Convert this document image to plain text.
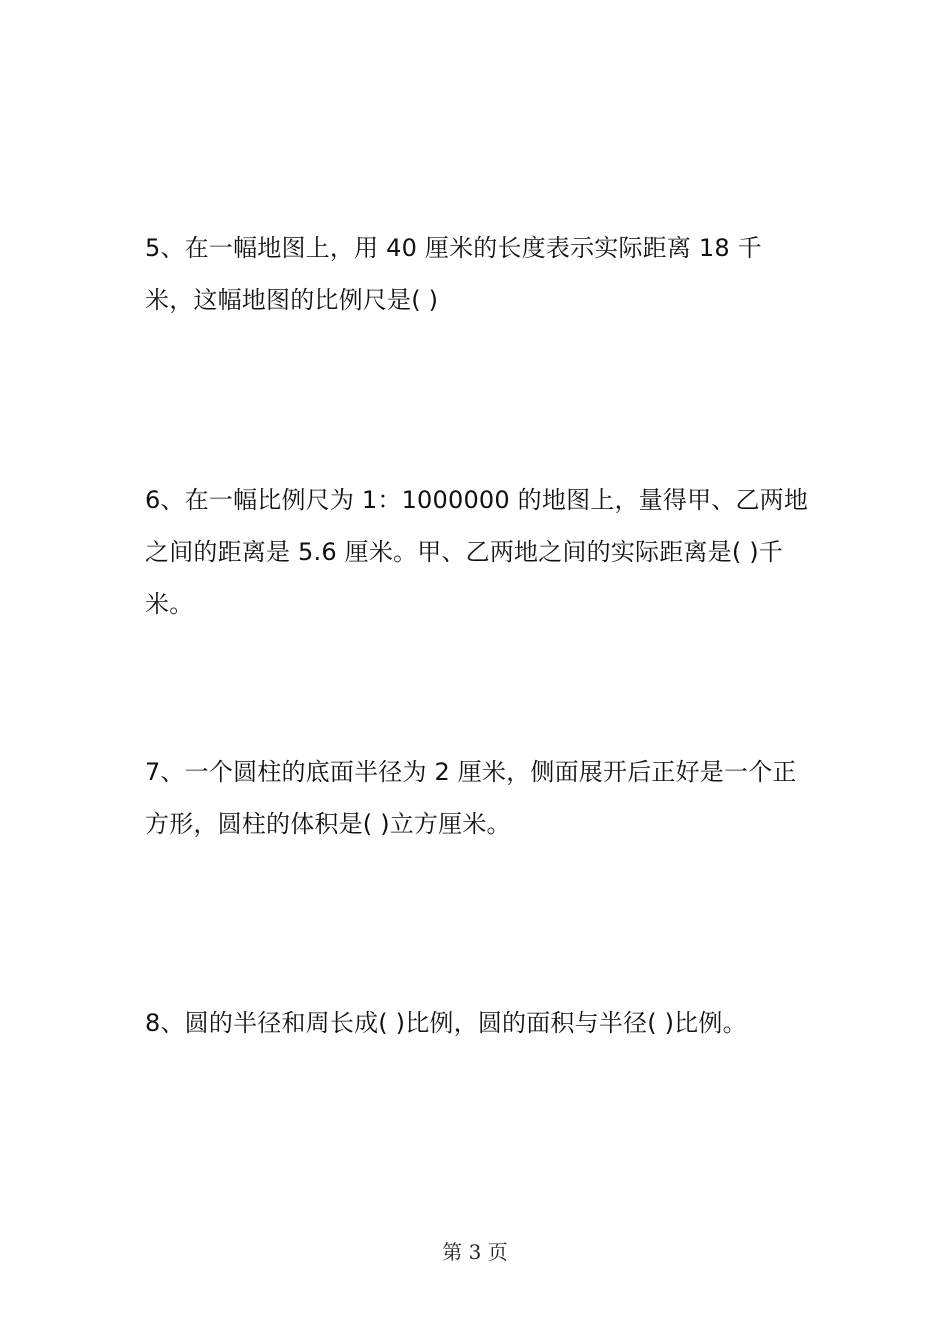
5、在一幅地图上，用 40 厘米的长度表示实际距离 18 千米，这幅地图的比例尺是( )
6、在一幅比例尺为 1：1000000 的地图上，量得甲、乙两地之间的距离是 5.6 厘米。甲、乙两地之间的实际距离是( )千米。
7、一个圆柱的底面半径为 2 厘米，侧面展开后正好是一个正方形，圆柱的体积是( )立方厘米。
8、圆的半径和周长成( )比例，圆的面积与半径( )比例。
第 3 页
